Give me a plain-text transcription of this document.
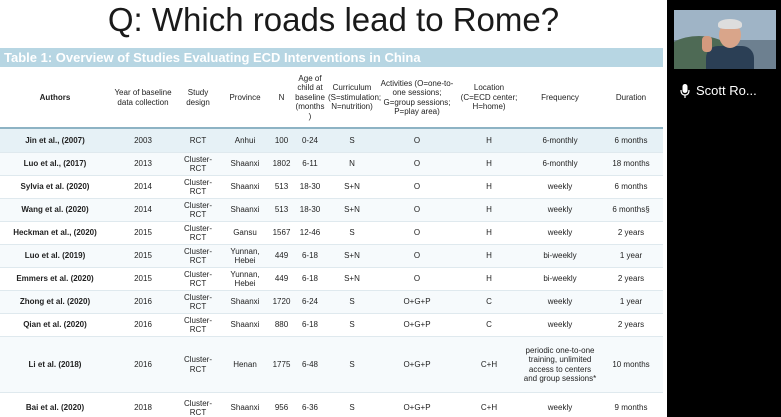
Q: Which roads lead to Rome?
Table 1: Overview of Studies Evaluating ECD Interventions in China
Authors	Year of baseline data collection	Study design	Province	N	Age of child at baseline (months )	Curriculum (S=stimulation; N=nutrition)	Activities (O=one-to-one sessions; G=group sessions; P=play area)	Location (C=ECD center; H=home)	Frequency	Duration
Jin et al., (2007)	2003	RCT	Anhui	100	0-24	S	O	H	6-monthly	6 months
Luo et al., (2017)	2013	Cluster-RCT	Shaanxi	1802	6-11	N	O	H	6-monthly	18 months
Sylvia et al. (2020)	2014	Cluster-RCT	Shaanxi	513	18-30	S+N	O	H	weekly	6 months
Wang et al. (2020)	2014	Cluster-RCT	Shaanxi	513	18-30	S+N	O	H	weekly	6 months§
Heckman et al., (2020)	2015	Cluster-RCT	Gansu	1567	12-46	S	O	H	weekly	2 years
Luo et al. (2019)	2015	Cluster-RCT	Yunnan, Hebei	449	6-18	S+N	O	H	bi-weekly	1 year
Emmers et al. (2020)	2015	Cluster-RCT	Yunnan, Hebei	449	6-18	S+N	O	H	bi-weekly	2 years
Zhong et al. (2020)	2016	Cluster-RCT	Shaanxi	1720	6-24	S	O+G+P	C	weekly	1 year
Qian et al. (2020)	2016	Cluster-RCT	Shaanxi	880	6-18	S	O+G+P	C	weekly	2 years
Li et al. (2018)	2016	Cluster-RCT	Henan	1775	6-48	S	O+G+P	C+H	periodic one-to-one training, unlimited access to centers and group sessions*	10 months
Bai et al. (2020)	2018	Cluster-RCT	Shaanxi	956	6-36	S	O+G+P	C+H	weekly	9 months
Scott Ro...
